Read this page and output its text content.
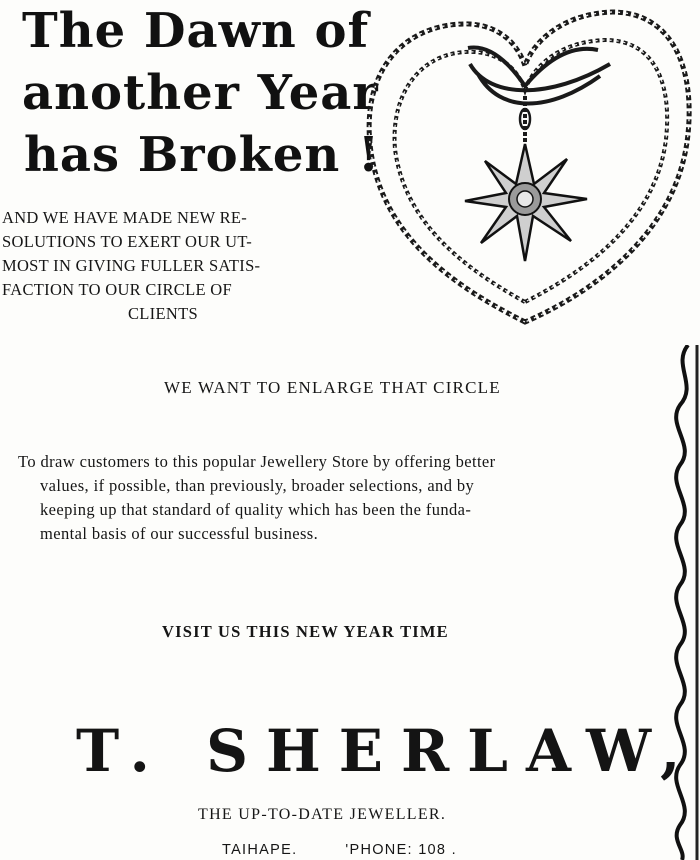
The Dawn of
another Year
has Broken !

AND WE HAVE MADE NEW RE-
SOLUTIONS TO EXERT OUR UT-
MOST IN GIVING FULLER SATIS-
FACTION TO OUR CIRCLE OF
CLIENTS

WE WANT TO ENLARGE THAT CIRCLE

To draw customers to this popular Jewellery Store by offering better
values, if possible, than previously, broader selections, and by
keeping up that standard of quality which has been the funda-
mental basis of our successful business.

VISIT US THIS NEW YEAR TIME

T. SHERLAW,

THE UP-TO-DATE JEWELLER.

TAIHAPE.	'PHONE: 108 .
